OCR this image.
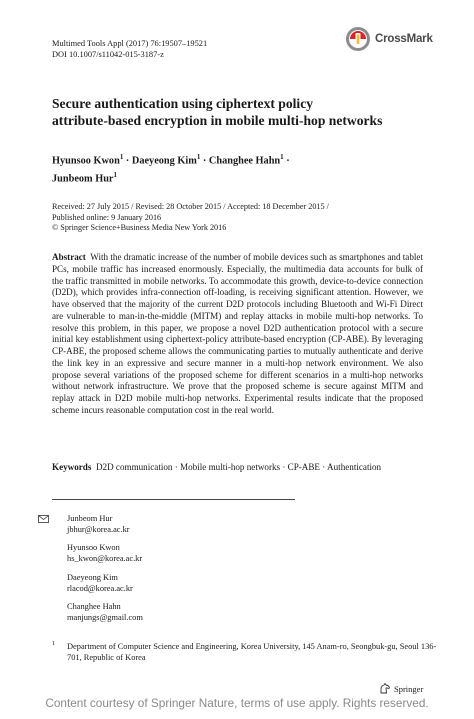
Multimed Tools Appl (2017) 76:19507–19521
DOI 10.1007/s11042-015-3187-z
CrossMark
Secure authentication using ciphertext policy
attribute-based encryption in mobile multi-hop networks
Hyunsoo Kwon$^1$ · Daeyeong Kim$^1$ · Changhee Hahn$^1$ ·
Junbeom Hur$^1$
Received: 27 July 2015 / Revised: 28 October 2015 / Accepted: 18 December 2015 /
Published online: 9 January 2016
© Springer Science+Business Media New York 2016
Abstract With the dramatic increase of the number of mobile devices such as smartphones and tablet PCs, mobile traffic has increased enormously. Especially, the multimedia data accounts for bulk of the traffic transmitted in mobile networks. To accommodate this growth, device-to-device connection (D2D), which provides infra-connection off-loading, is receiving significant attention. However, we have observed that the majority of the current D2D protocols including Bluetooth and Wi-Fi Direct are vulnerable to man-in-the-middle (MITM) and replay attacks in mobile multi-hop networks. To resolve this problem, in this paper, we propose a novel D2D authentication protocol with a secure initial key establishment using ciphertext-policy attribute-based encryption (CP-ABE). By leveraging CP-ABE, the proposed scheme allows the communicating parties to mutually authenticate and derive the link key in an expressive and secure manner in a multi-hop network environment. We also propose several variations of the proposed scheme for different scenarios in a multi-hop networks without network infrastructure. We prove that the proposed scheme is secure against MITM and replay attack in D2D mobile multi-hop networks. Experimental results indicate that the proposed scheme incurs reasonable computation cost in the real world.
Keywords D2D communication · Mobile multi-hop networks · CP-ABE · Authentication
Junbeom Hur
jbhur@korea.ac.kr
Hyunsoo Kwon
hs_kwon@korea.ac.kr
Daeyeong Kim
rlacod@korea.ac.kr
Changhee Hahn
manjungs@gmail.com
1	Department of Computer Science and Engineering, Korea University, 145 Anam-ro, Seongbuk-gu, Seoul 136-701, Republic of Korea
Springer
Content courtesy of Springer Nature, terms of use apply. Rights reserved.
